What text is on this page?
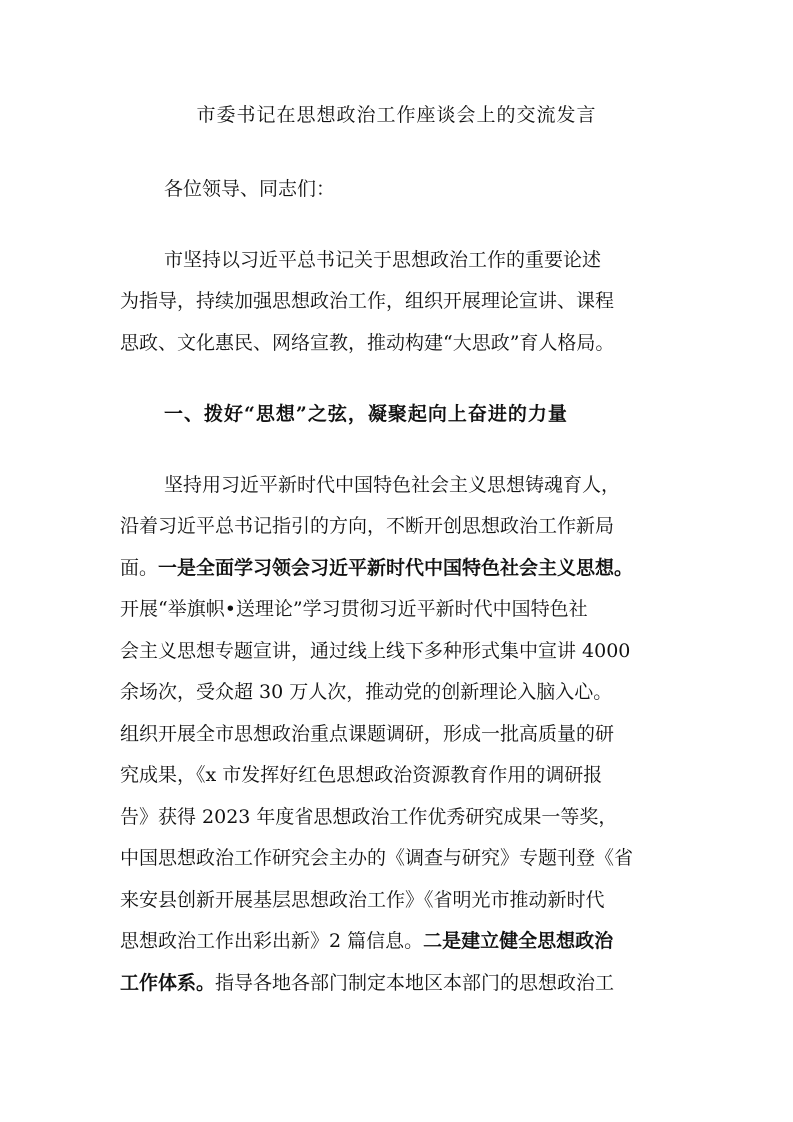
市委书记在思想政治工作座谈会上的交流发言
各位领导、同志们：
市坚持以习近平总书记关于思想政治工作的重要论述
为指导，持续加强思想政治工作，组织开展理论宣讲、课程
思政、文化惠民、网络宣教，推动构建“大思政”育人格局。
一、拨好“思想”之弦，凝聚起向上奋进的力量
坚持用习近平新时代中国特色社会主义思想铸魂育人，
沿着习近平总书记指引的方向，不断开创思想政治工作新局
面。一是全面学习领会习近平新时代中国特色社会主义思想。
开展“举旗帜•送理论”学习贯彻习近平新时代中国特色社
会主义思想专题宣讲，通过线上线下多种形式集中宣讲 4000
余场次，受众超 30 万人次，推动党的创新理论入脑入心。
组织开展全市思想政治重点课题调研，形成一批高质量的研
究成果，《x 市发挥好红色思想政治资源教育作用的调研报
告》获得 2023 年度省思想政治工作优秀研究成果一等奖，
中国思想政治工作研究会主办的《调查与研究》专题刊登《省
来安县创新开展基层思想政治工作》《省明光市推动新时代
思想政治工作出彩出新》2 篇信息。二是建立健全思想政治
工作体系。指导各地各部门制定本地区本部门的思想政治工
